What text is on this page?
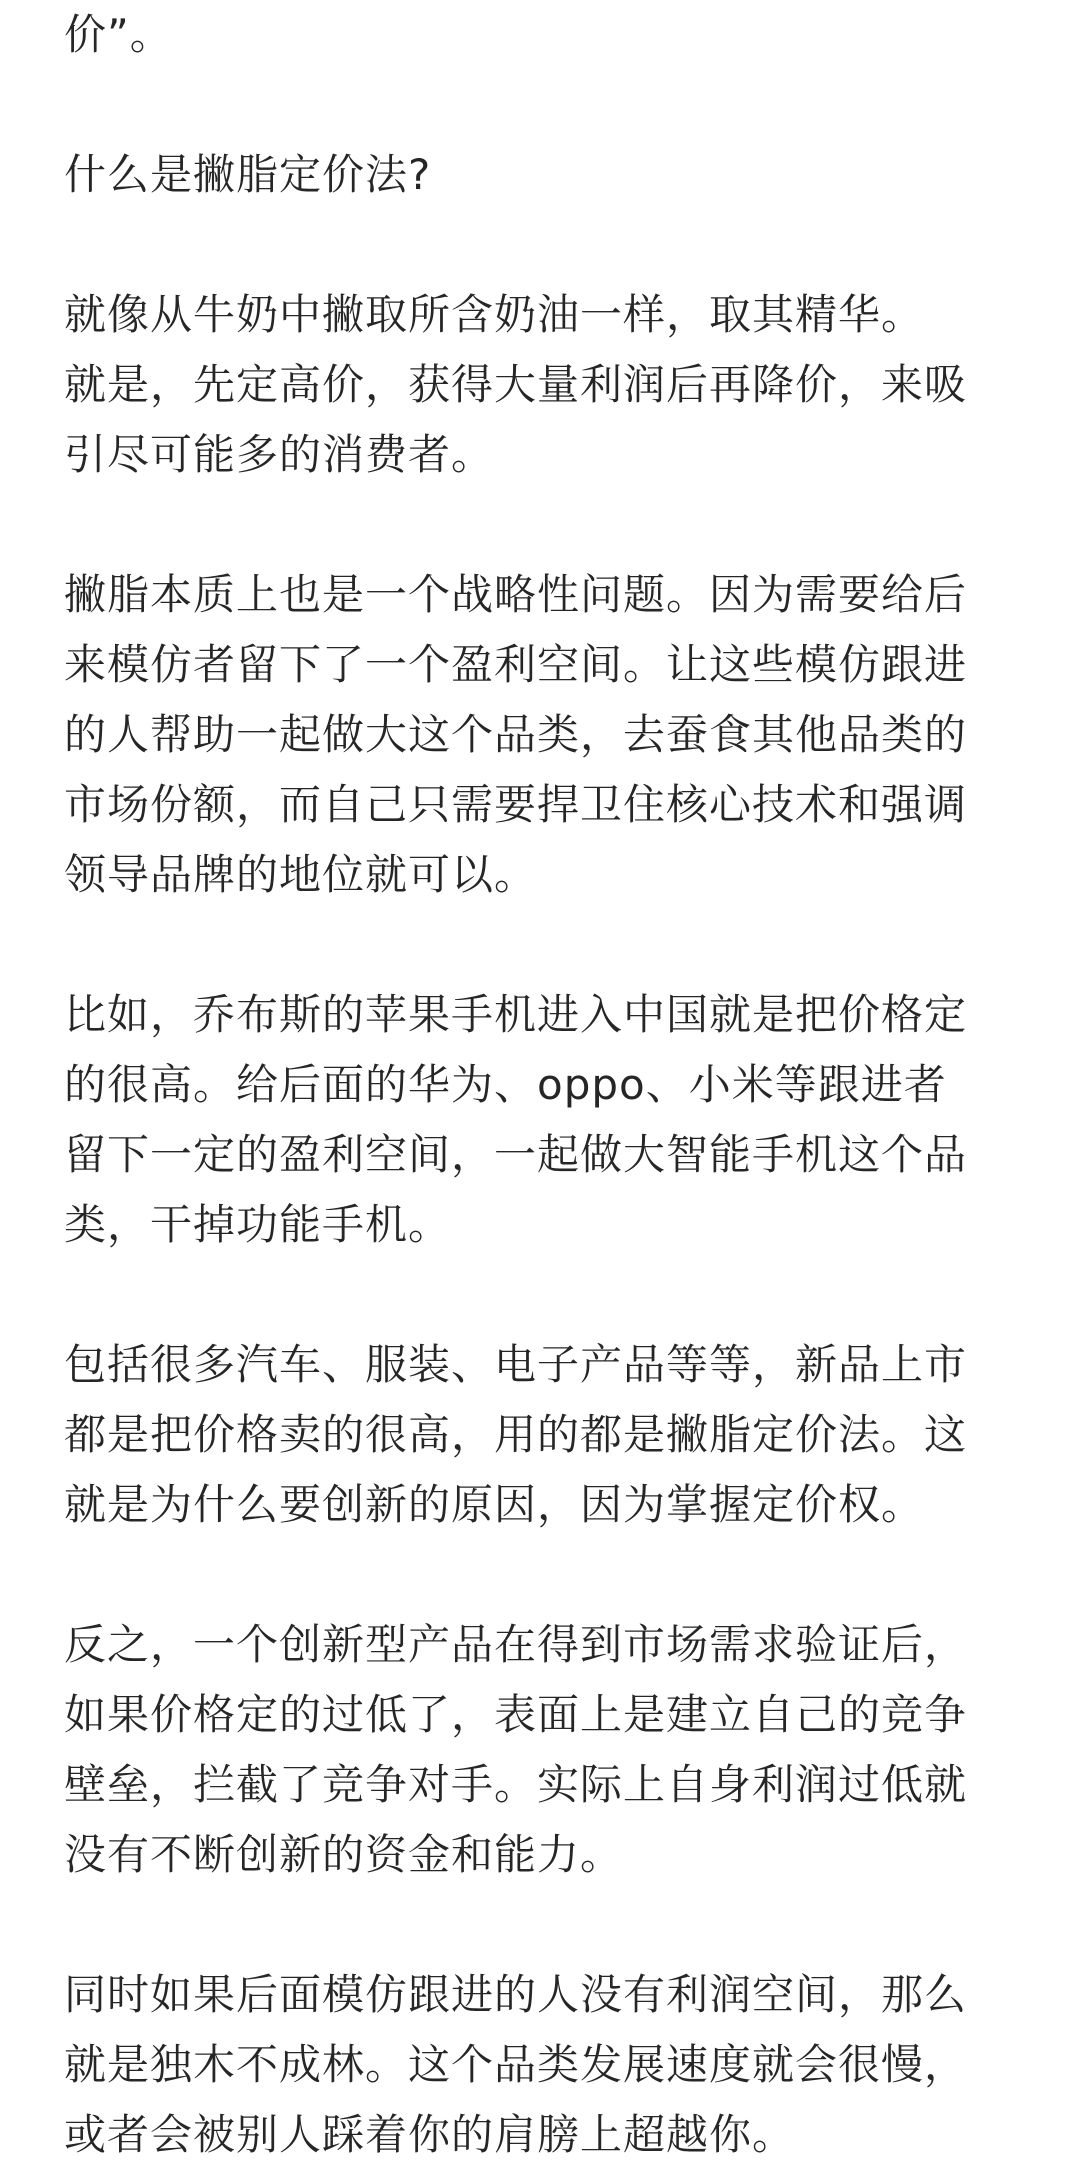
价”。
什么是撇脂定价法?
就像从牛奶中撇取所含奶油一样，取其精华。
就是，先定高价，获得大量利润后再降价，来吸
引尽可能多的消费者。
撇脂本质上也是一个战略性问题。因为需要给后
来模仿者留下了一个盈利空间。让这些模仿跟进
的人帮助一起做大这个品类，去蚕食其他品类的
市场份额，而自己只需要捍卫住核心技术和强调
领导品牌的地位就可以。
比如，乔布斯的苹果手机进入中国就是把价格定
的很高。给后面的华为、oppo、小米等跟进者
留下一定的盈利空间，一起做大智能手机这个品
类，干掉功能手机。
包括很多汽车、服装、电子产品等等，新品上市
都是把价格卖的很高，用的都是撇脂定价法。这
就是为什么要创新的原因，因为掌握定价权。
反之，一个创新型产品在得到市场需求验证后，
如果价格定的过低了，表面上是建立自己的竞争
壁垒，拦截了竞争对手。实际上自身利润过低就
没有不断创新的资金和能力。
同时如果后面模仿跟进的人没有利润空间，那么
就是独木不成林。这个品类发展速度就会很慢，
或者会被别人踩着你的肩膀上超越你。
